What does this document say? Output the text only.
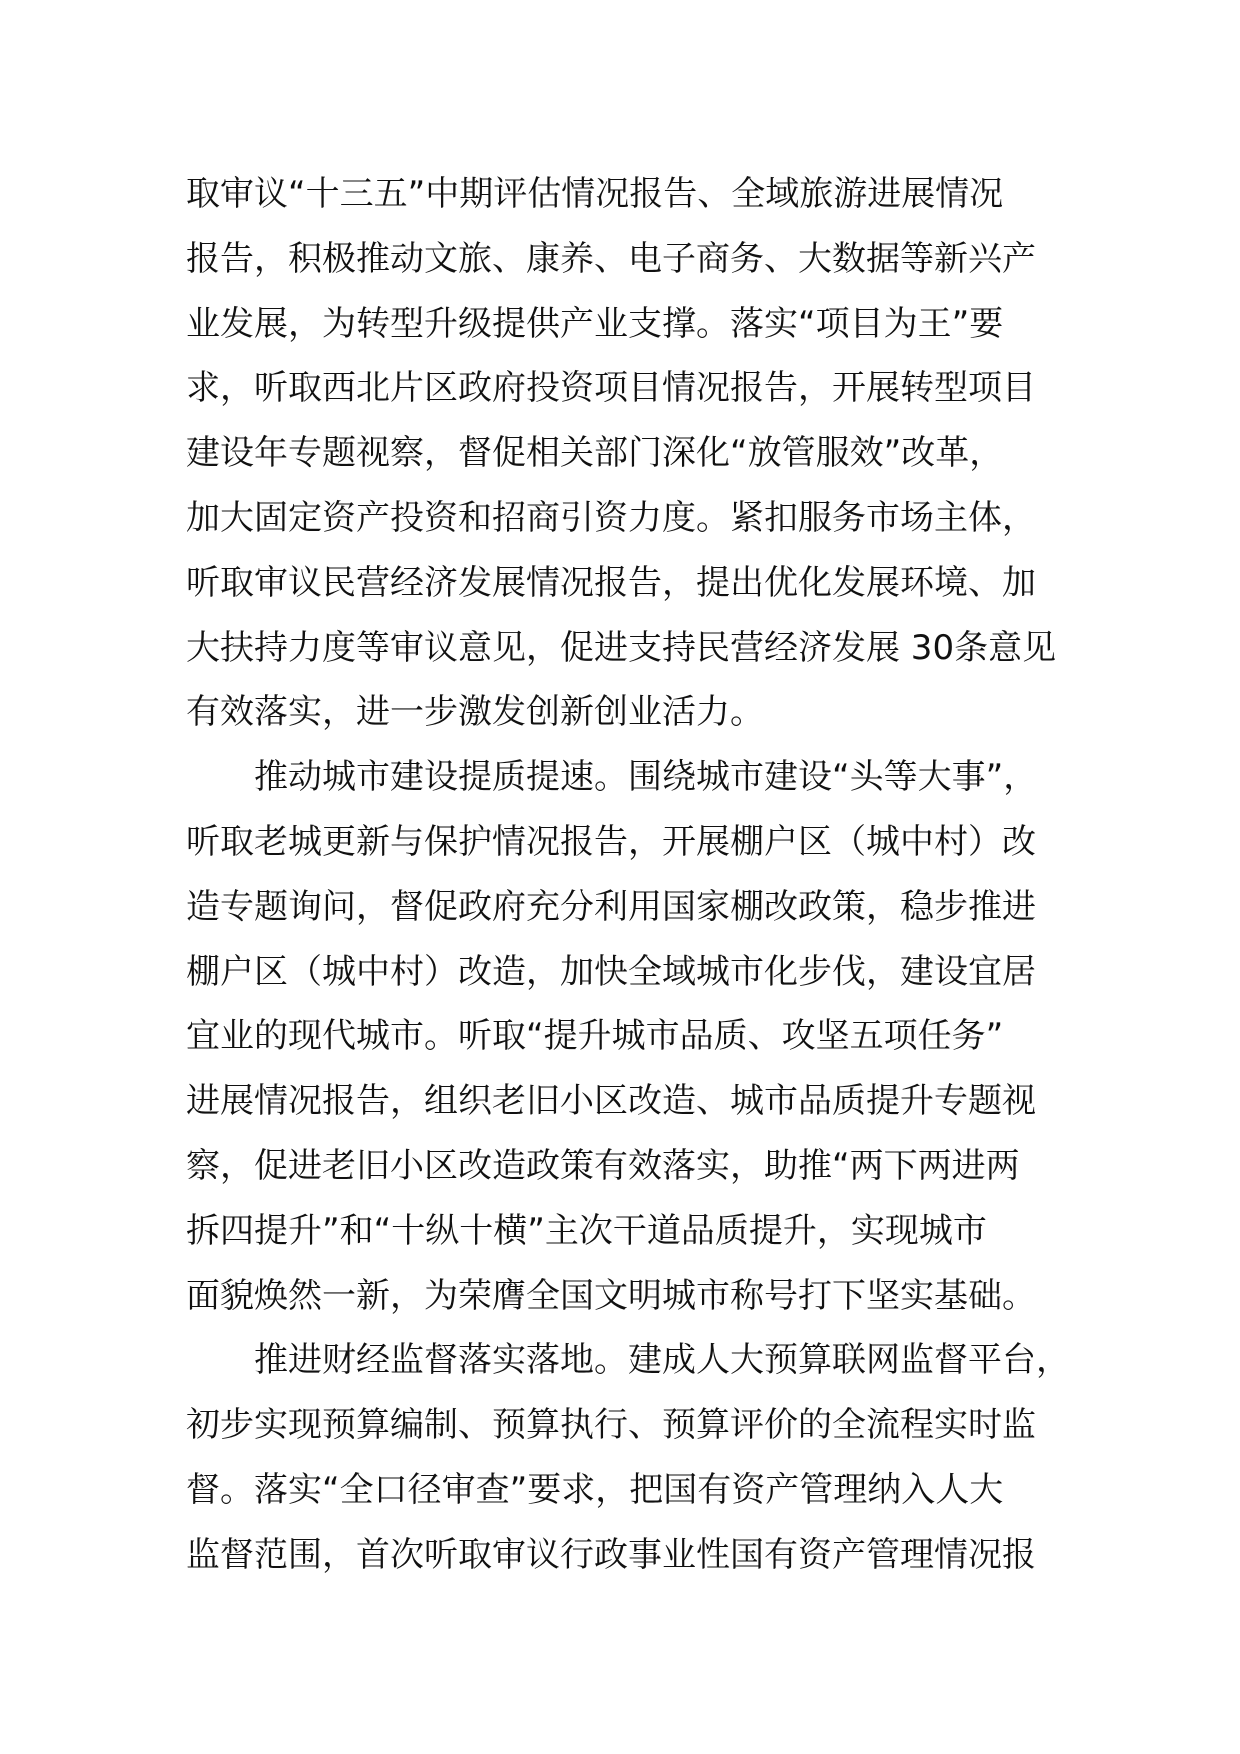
取审议“十三五”中期评估情况报告、全域旅游进展情况
报告，积极推动文旅、康养、电子商务、大数据等新兴产
业发展，为转型升级提供产业支撑。落实“项目为王”要
求，听取西北片区政府投资项目情况报告，开展转型项目
建设年专题视察，督促相关部门深化“放管服效”改革，
加大固定资产投资和招商引资力度。紧扣服务市场主体，
听取审议民营经济发展情况报告，提出优化发展环境、加
大扶持力度等审议意见，促进支持民营经济发展 30条意见
有效落实，进一步激发创新创业活力。
推动城市建设提质提速。围绕城市建设“头等大事”，
听取老城更新与保护情况报告，开展棚户区（城中村）改
造专题询问，督促政府充分利用国家棚改政策，稳步推进
棚户区（城中村）改造，加快全域城市化步伐，建设宜居
宜业的现代城市。听取“提升城市品质、攻坚五项任务”
进展情况报告，组织老旧小区改造、城市品质提升专题视
察，促进老旧小区改造政策有效落实，助推“两下两进两
拆四提升”和“十纵十横”主次干道品质提升，实现城市
面貌焕然一新，为荣膺全国文明城市称号打下坚实基础。
推进财经监督落实落地。建成人大预算联网监督平台，
初步实现预算编制、预算执行、预算评价的全流程实时监
督。落实“全口径审查”要求，把国有资产管理纳入人大
监督范围，首次听取审议行政事业性国有资产管理情况报
